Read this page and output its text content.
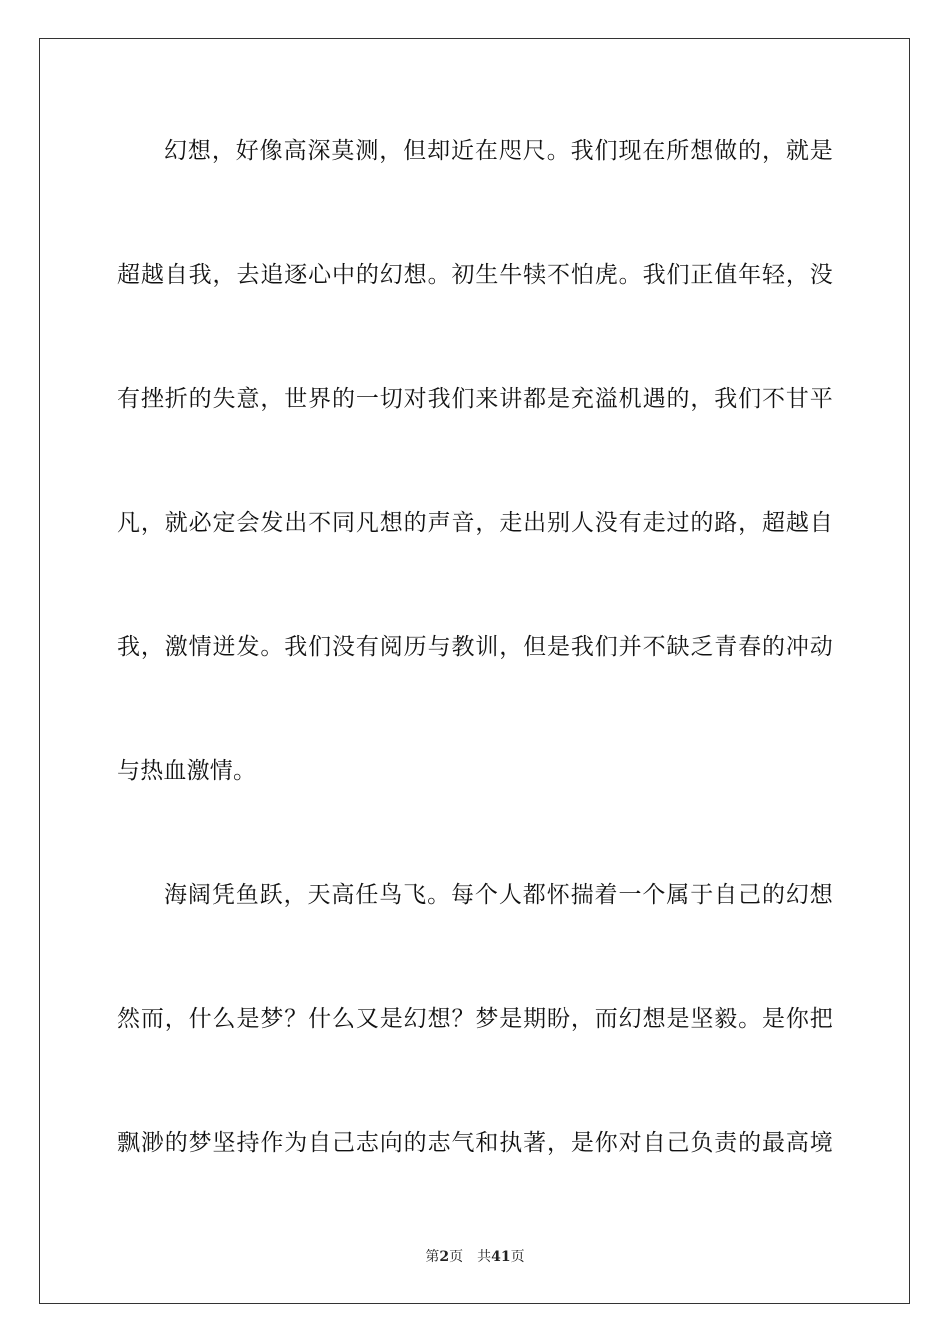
幻想，好像高深莫测，但却近在咫尺。我们现在所想做的，就是
超越自我，去追逐心中的幻想。初生牛犊不怕虎。我们正值年轻，没
有挫折的失意，世界的一切对我们来讲都是充溢机遇的，我们不甘平
凡，就必定会发出不同凡想的声音，走出别人没有走过的路，超越自
我，激情迸发。我们没有阅历与教训，但是我们并不缺乏青春的冲动
与热血激情。
海阔凭鱼跃，天高任鸟飞。每个人都怀揣着一个属于自己的幻想
然而，什么是梦？什么又是幻想？梦是期盼，而幻想是坚毅。是你把
飘渺的梦坚持作为自己志向的志气和执著，是你对自己负责的最高境
第2页 共41页
